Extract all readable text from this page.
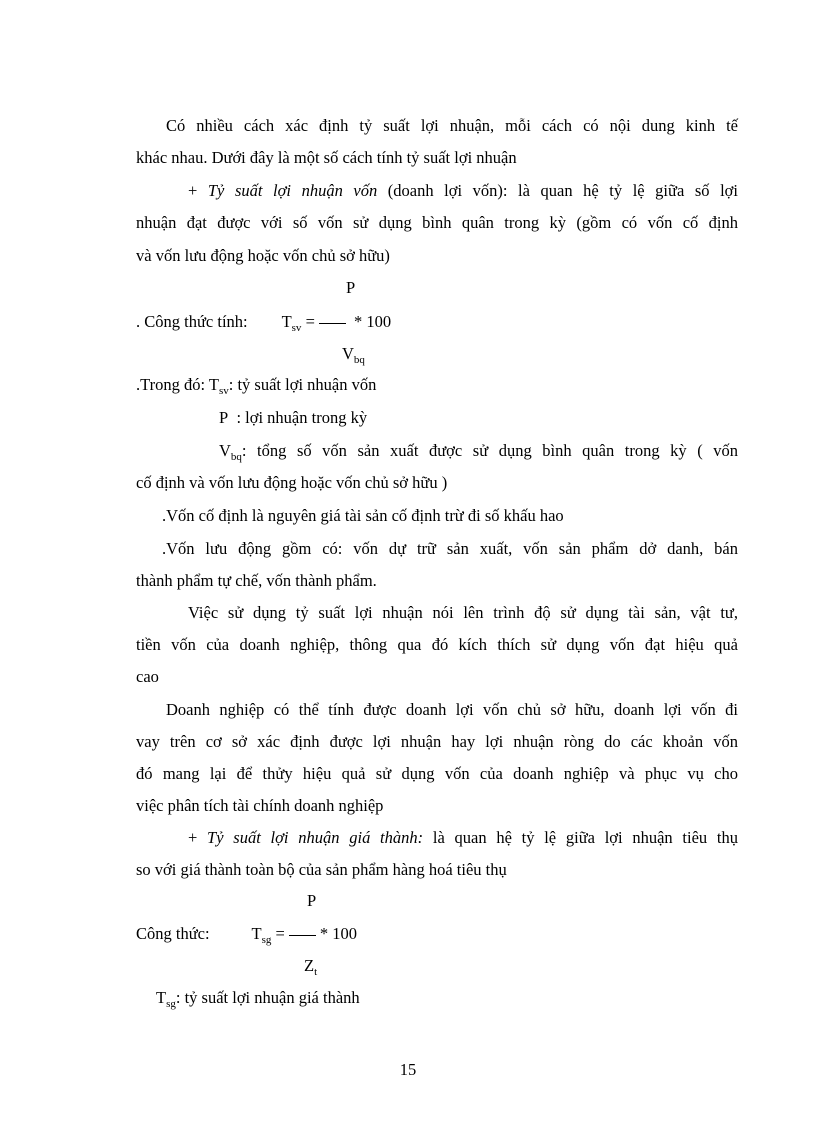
Có nhiều cách xác định tỷ suất lợi nhuận, mỗi cách có nội dung kinh tế
khác nhau. Dưới đây là một số cách tính tỷ suất lợi nhuận
+ Tỷ suất lợi nhuận vốn (doanh lợi vốn): là quan hệ tỷ lệ giữa số lợi
nhuận đạt được với số vốn sử dụng bình quân trong kỳ (gồm có vốn cố định
và vốn lưu động hoặc vốn chủ sở hữu)
P
. Công thức tính: $T_{sv}$ = * 100
$V_{bq}$
.Trong đó: $T_{sv}$: tỷ suất lợi nhuận vốn
P : lợi nhuận trong kỳ
$V_{bq}$: tổng số vốn sản xuất được sử dụng bình quân trong kỳ ( vốn
cố định và vốn lưu động hoặc vốn chủ sở hữu )
.Vốn cố định là nguyên giá tài sản cố định trừ đi số khấu hao
.Vốn lưu động gồm có: vốn dự trữ sản xuất, vốn sản phẩm dở danh, bán
thành phẩm tự chế, vốn thành phẩm.
Việc sử dụng tỷ suất lợi nhuận nói lên trình độ sử dụng tài sản, vật tư,
tiền vốn của doanh nghiệp, thông qua đó kích thích sử dụng vốn đạt hiệu quả
cao
Doanh nghiệp có thể tính được doanh lợi vốn chủ sở hữu, doanh lợi vốn đi
vay trên cơ sở xác định được lợi nhuận hay lợi nhuận ròng do các khoản vốn
đó mang lại để thửy hiệu quả sử dụng vốn của doanh nghiệp và phục vụ cho
việc phân tích tài chính doanh nghiệp
+ Tỷ suất lợi nhuận giá thành: là quan hệ tỷ lệ giữa lợi nhuận tiêu thụ
so với giá thành toàn bộ của sản phẩm hàng hoá tiêu thụ
P
Công thức:	$T_{sg}$ = * 100
$Z_t$
$T_{sg}$: tỷ suất lợi nhuận giá thành
15
